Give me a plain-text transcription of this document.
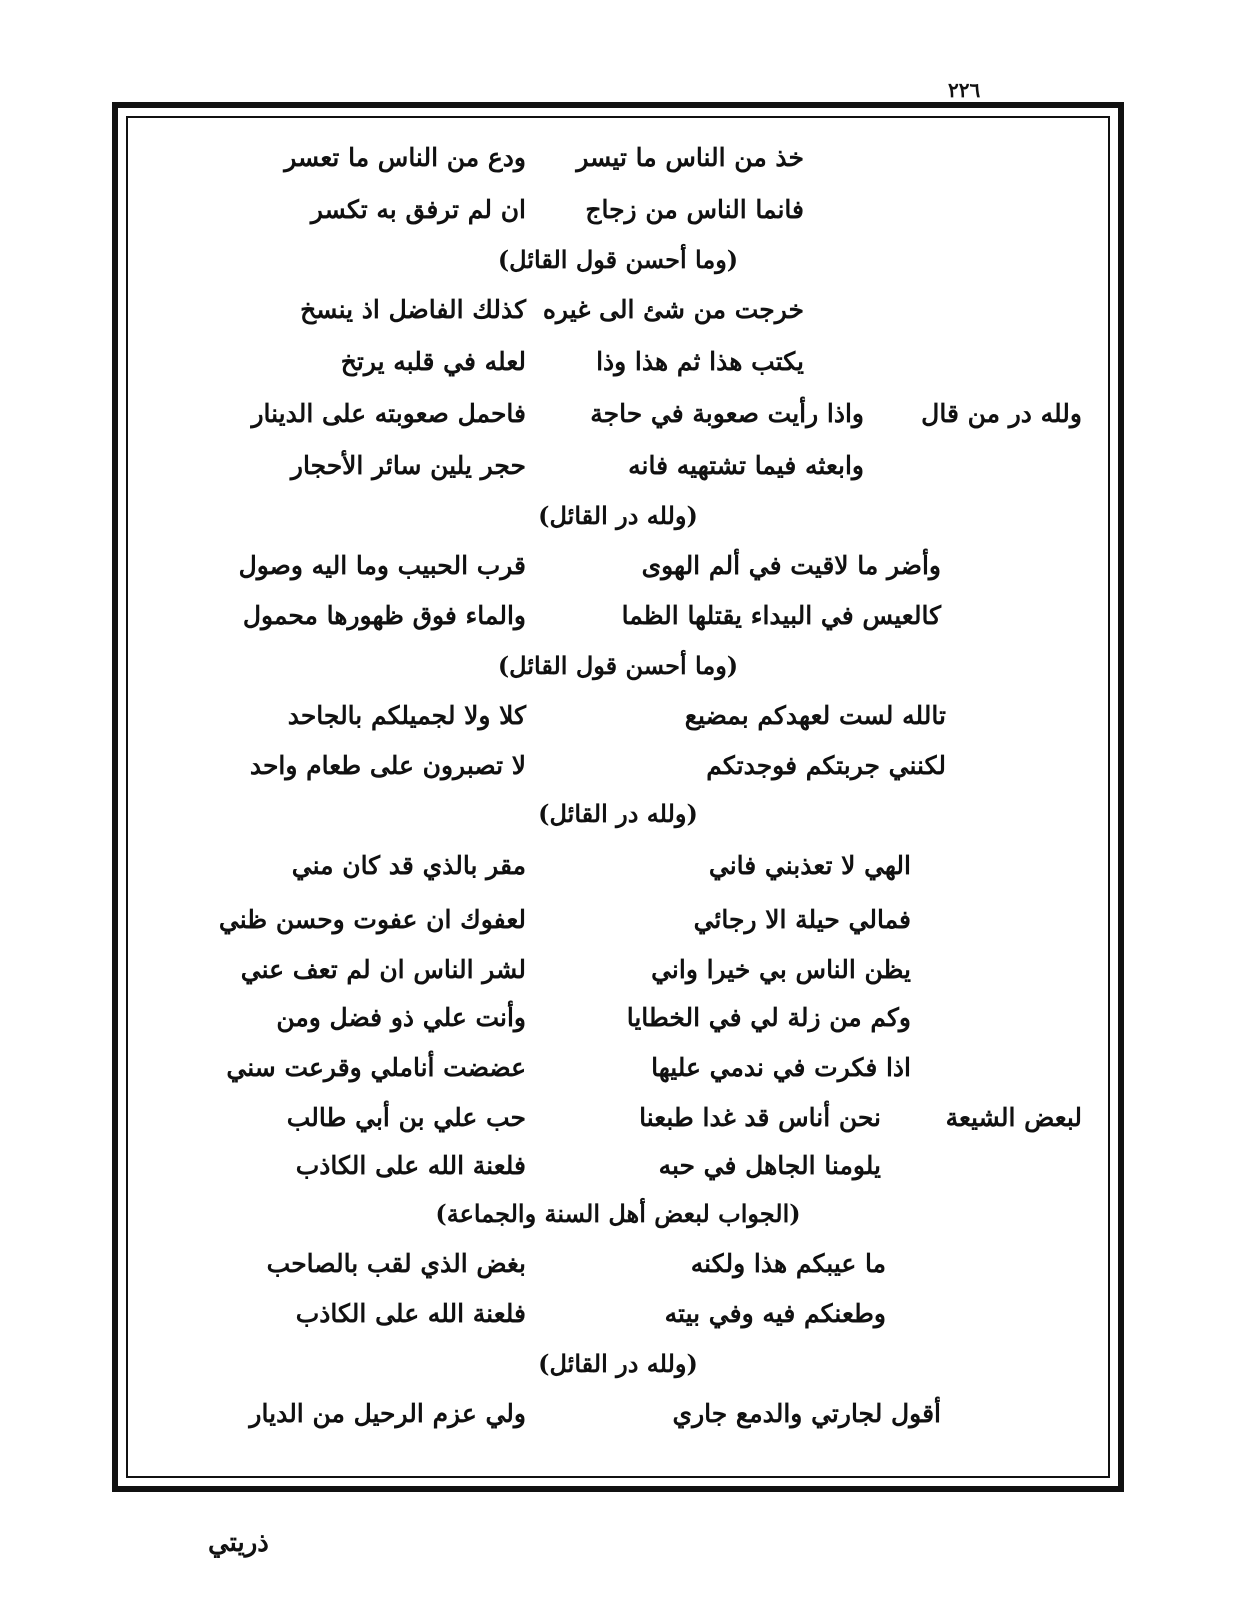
٢٢٦
خذ من الناس ما تيسر
ودع من الناس ما تعسر
فانما الناس من زجاج
ان لم ترفق به تكسر
(وما أحسن قول القائل)
خرجت من شئ الى غيره
كذلك الفاضل اذ ينسخ
يكتب هذا ثم هذا وذا
لعله في قلبه يرتخ
ولله در من قال
واذا رأيت صعوبة في حاجة
فاحمل صعوبته على الدينار
وابعثه فيما تشتهيه فانه
حجر يلين سائر الأحجار
(ولله در القائل)
وأضر ما لاقيت في ألم الهوى
قرب الحبيب وما اليه وصول
كالعيس في البيداء يقتلها الظما
والماء فوق ظهورها محمول
(وما أحسن قول القائل)
تالله لست لعهدكم بمضيع
كلا ولا لجميلكم بالجاحد
لكنني جربتكم فوجدتكم
لا تصبرون على طعام واحد
(ولله در القائل)
الهي لا تعذبني فاني
مقر بالذي قد كان مني
فمالي حيلة الا رجائي
لعفوك ان عفوت وحسن ظني
يظن الناس بي خيرا واني
لشر الناس ان لم تعف عني
وكم من زلة لي في الخطايا
وأنت علي ذو فضل ومن
اذا فكرت في ندمي عليها
عضضت أناملي وقرعت سني
لبعض الشيعة
نحن أناس قد غدا طبعنا
حب علي بن أبي طالب
يلومنا الجاهل في حبه
فلعنة الله على الكاذب
(الجواب لبعض أهل السنة والجماعة)
ما عيبكم هذا ولكنه
بغض الذي لقب بالصاحب
وطعنكم فيه وفي بيته
فلعنة الله على الكاذب
(ولله در القائل)
أقول لجارتي والدمع جاري
ولي عزم الرحيل من الديار
ذريتي
